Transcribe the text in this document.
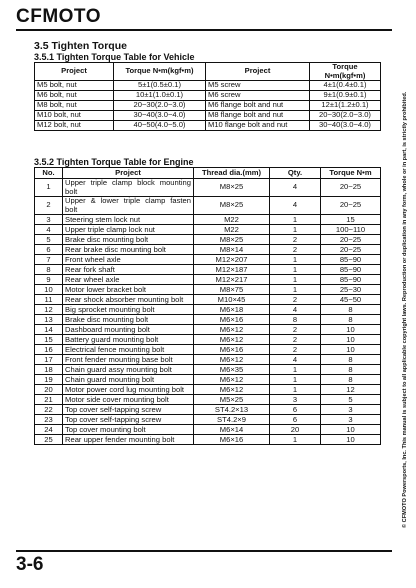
CFMOTO
3.5 Tighten Torque
3.5.1 Tighten Torque Table for Vehicle
Project	Torque N•m(kgf•m)	Project	Torque N•m(kgf•m)
M5 bolt, nut	5±1(0.5±0.1)	M5 screw	4±1(0.4±0.1)
M6 bolt, nut	10±1(1.0±0.1)	M6 screw	9±1(0.9±0.1)
M8 bolt, nut	20~30(2.0~3.0)	M6 flange bolt and nut	12±1(1.2±0.1)
M10 bolt, nut	30~40(3.0~4.0)	M8 flange bolt and nut	20~30(2.0~3.0)
M12 bolt, nut	40~50(4.0~5.0)	M10 flange bolt and nut	30~40(3.0~4.0)
3.5.2 Tighten Torque Table for Engine
No.	Project	Thread dia.(mm)	Qty.	Torque N•m
1	Upper triple clamp block mounting bolt	M8×25	4	20~25
2	Upper & lower triple clamp fasten bolt	M8×25	4	20~25
3	Steering stem lock nut	M22	1	15
4	Upper triple clamp lock nut	M22	1	100~110
5	Brake disc mounting bolt	M8×25	2	20~25
6	Rear brake disc mounting bolt	M8×14	2	20~25
7	Front wheel axle	M12×207	1	85~90
8	Rear fork shaft	M12×187	1	85~90
9	Rear wheel axle	M12×217	1	85~90
10	Motor lower bracket bolt	M8×75	1	25~30
11	Rear shock absorber mounting bolt	M10×45	2	45~50
12	Big sprocket mounting bolt	M6×18	4	8
13	Brake disc mounting bolt	M6×16	8	8
14	Dashboard mounting bolt	M6×12	2	10
15	Battery guard mounting bolt	M6×12	2	10
16	Electrical fence mounting bolt	M6×16	2	10
17	Front fender mounting base bolt	M6×12	4	8
18	Chain guard assy mounting bolt	M6×35	1	8
19	Chain guard mounting bolt	M6×12	1	8
20	Motor power cord lug mounting bolt	M6×12	1	12
21	Motor side cover mounting bolt	M5×25	3	5
22	Top cover self-tapping screw	ST4.2×13	6	3
23	Top cover self-tapping screw	ST4.2×9	6	3
24	Top cover mounting bolt	M6×14	20	10
25	Rear upper fender mounting bolt	M6×16	1	10	© CFMOTO Powersports, Inc. This manual is subject to all applicable copyright laws. Reproduction or duplication in any form, whole or in part, is strictly prohibited.
3-6
